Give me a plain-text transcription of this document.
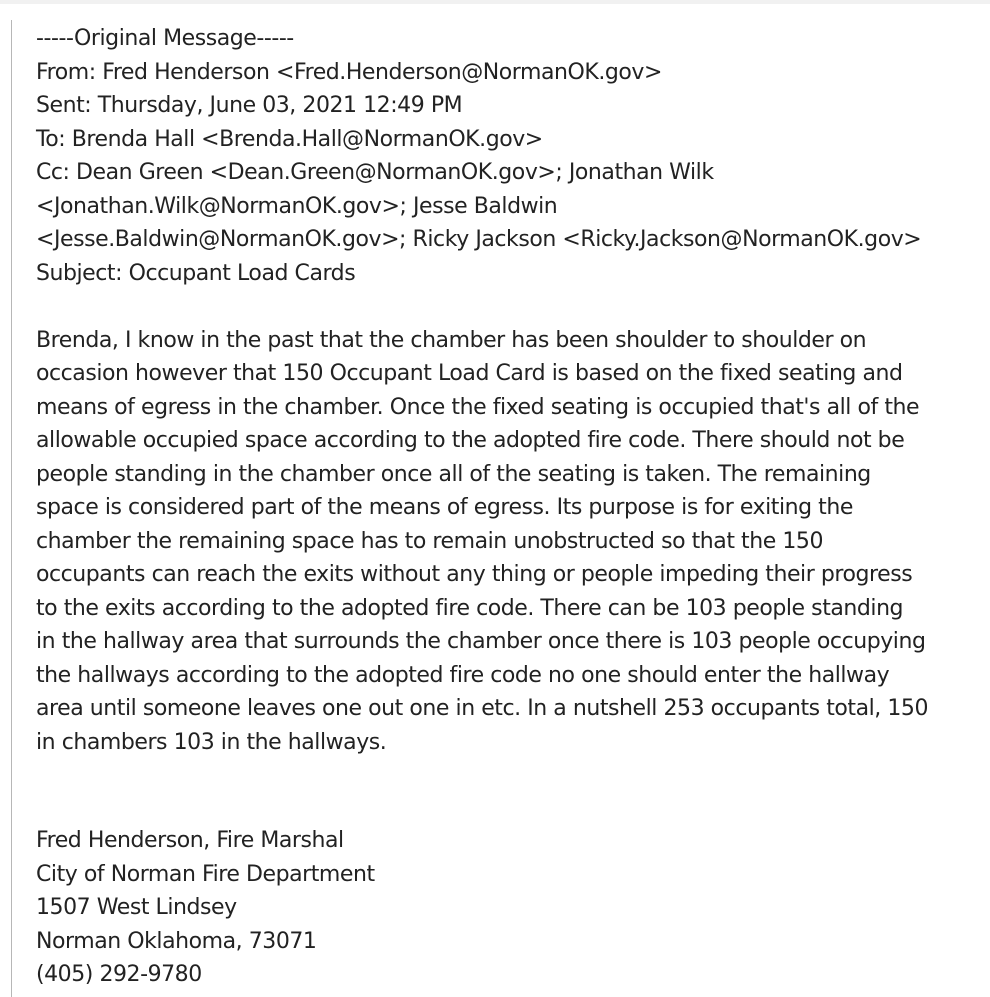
-----Original Message-----
From: Fred Henderson <Fred.Henderson@NormanOK.gov>
Sent: Thursday, June 03, 2021 12:49 PM
To: Brenda Hall <Brenda.Hall@NormanOK.gov>
Cc: Dean Green <Dean.Green@NormanOK.gov>; Jonathan Wilk
<Jonathan.Wilk@NormanOK.gov>; Jesse Baldwin
<Jesse.Baldwin@NormanOK.gov>; Ricky Jackson <Ricky.Jackson@NormanOK.gov>
Subject: Occupant Load Cards
Brenda, I know in the past that the chamber has been shoulder to shoulder on
occasion however that 150 Occupant Load Card is based on the fixed seating and
means of egress in the chamber. Once the fixed seating is occupied that's all of the
allowable occupied space according to the adopted fire code. There should not be
people standing in the chamber once all of the seating is taken. The remaining
space is considered part of the means of egress. Its purpose is for exiting the
chamber the remaining space has to remain unobstructed so that the 150
occupants can reach the exits without any thing or people impeding their progress
to the exits according to the adopted fire code. There can be 103 people standing
in the hallway area that surrounds the chamber once there is 103 people occupying
the hallways according to the adopted fire code no one should enter the hallway
area until someone leaves one out one in etc. In a nutshell 253 occupants total, 150
in chambers 103 in the hallways.
Fred Henderson, Fire Marshal
City of Norman Fire Department
1507 West Lindsey
Norman Oklahoma, 73071
(405) 292-9780
